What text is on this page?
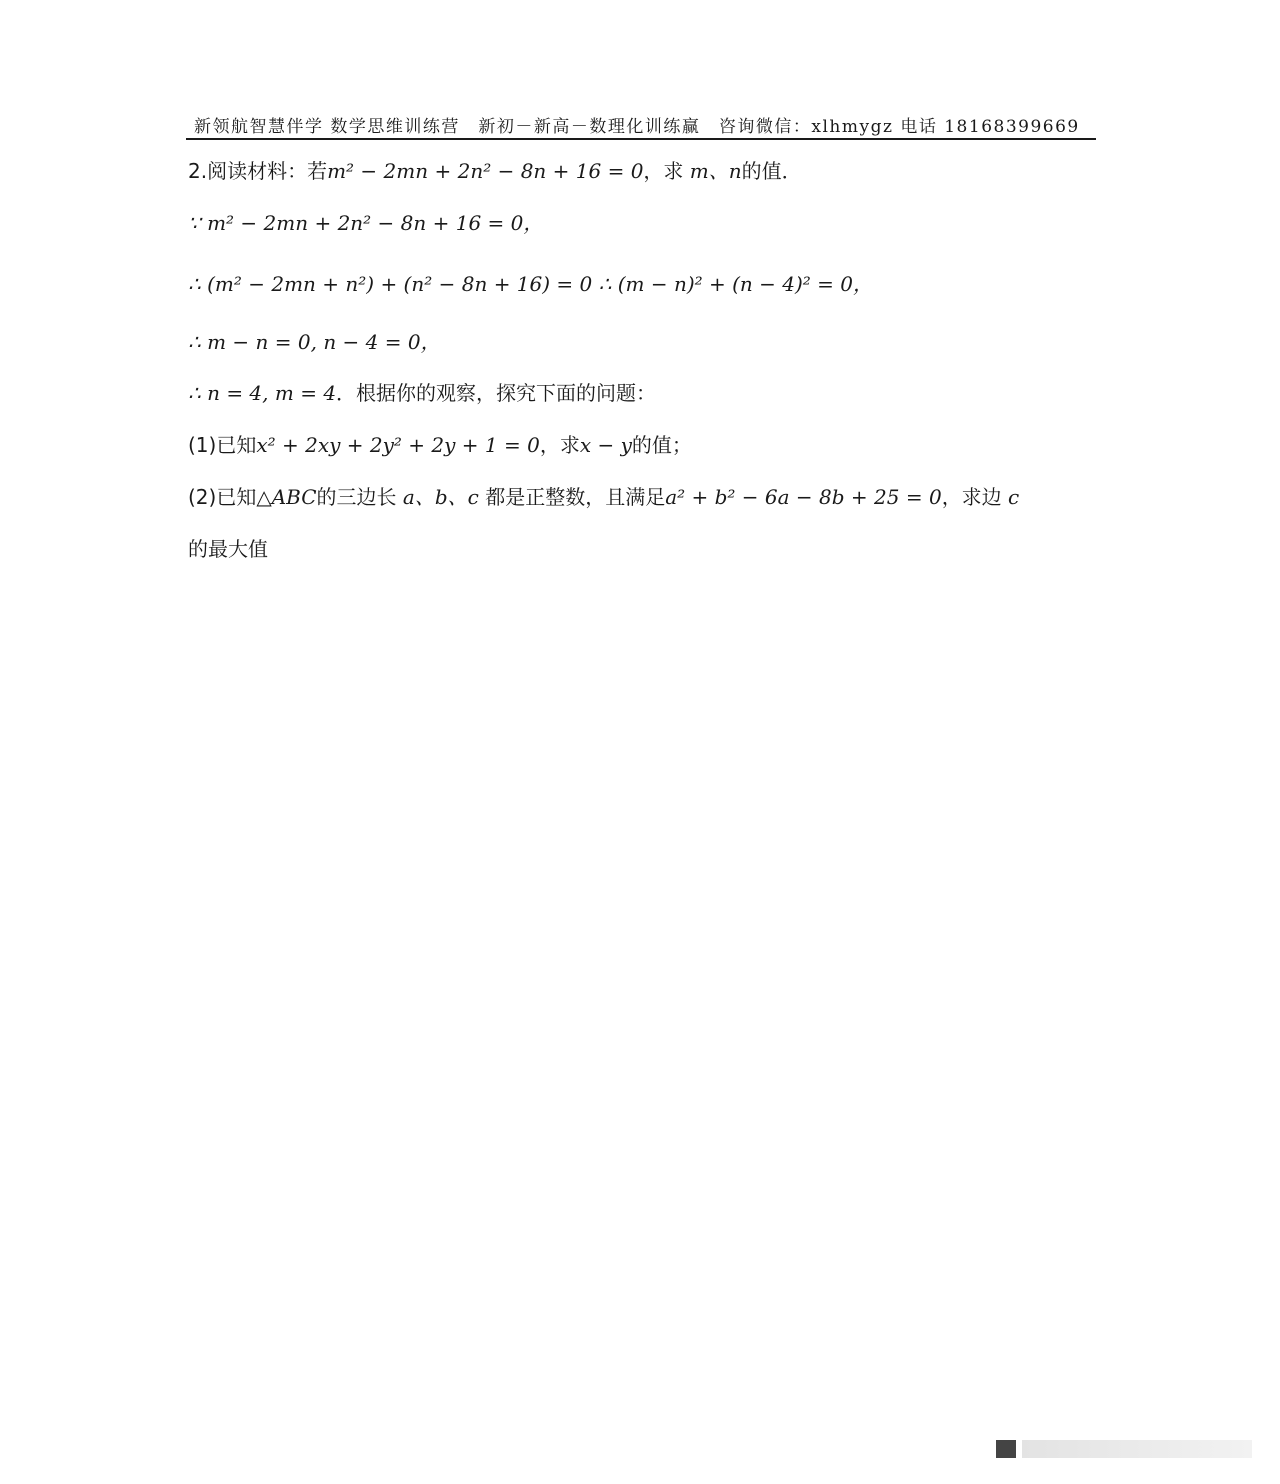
新领航智慧伴学 数学思维训练营　新初－新高－数理化训练赢　咨询微信：xlhmygz 电话 18168399669
2.阅读材料：若m² − 2mn + 2n² − 8n + 16 = 0，求 m、n的值．
∵ m² − 2mn + 2n² − 8n + 16 = 0，
∴ (m² − 2mn + n²) + (n² − 8n + 16) = 0 ∴ (m − n)² + (n − 4)² = 0，
∴ m − n = 0, n − 4 = 0，
∴ n = 4, m = 4．根据你的观察，探究下面的问题：
(1)已知x² + 2xy + 2y² + 2y + 1 = 0，求x − y的值；
(2)已知△ABC的三边长 a、b、c 都是正整数，且满足a² + b² − 6a − 8b + 25 = 0，求边 c
的最大值
